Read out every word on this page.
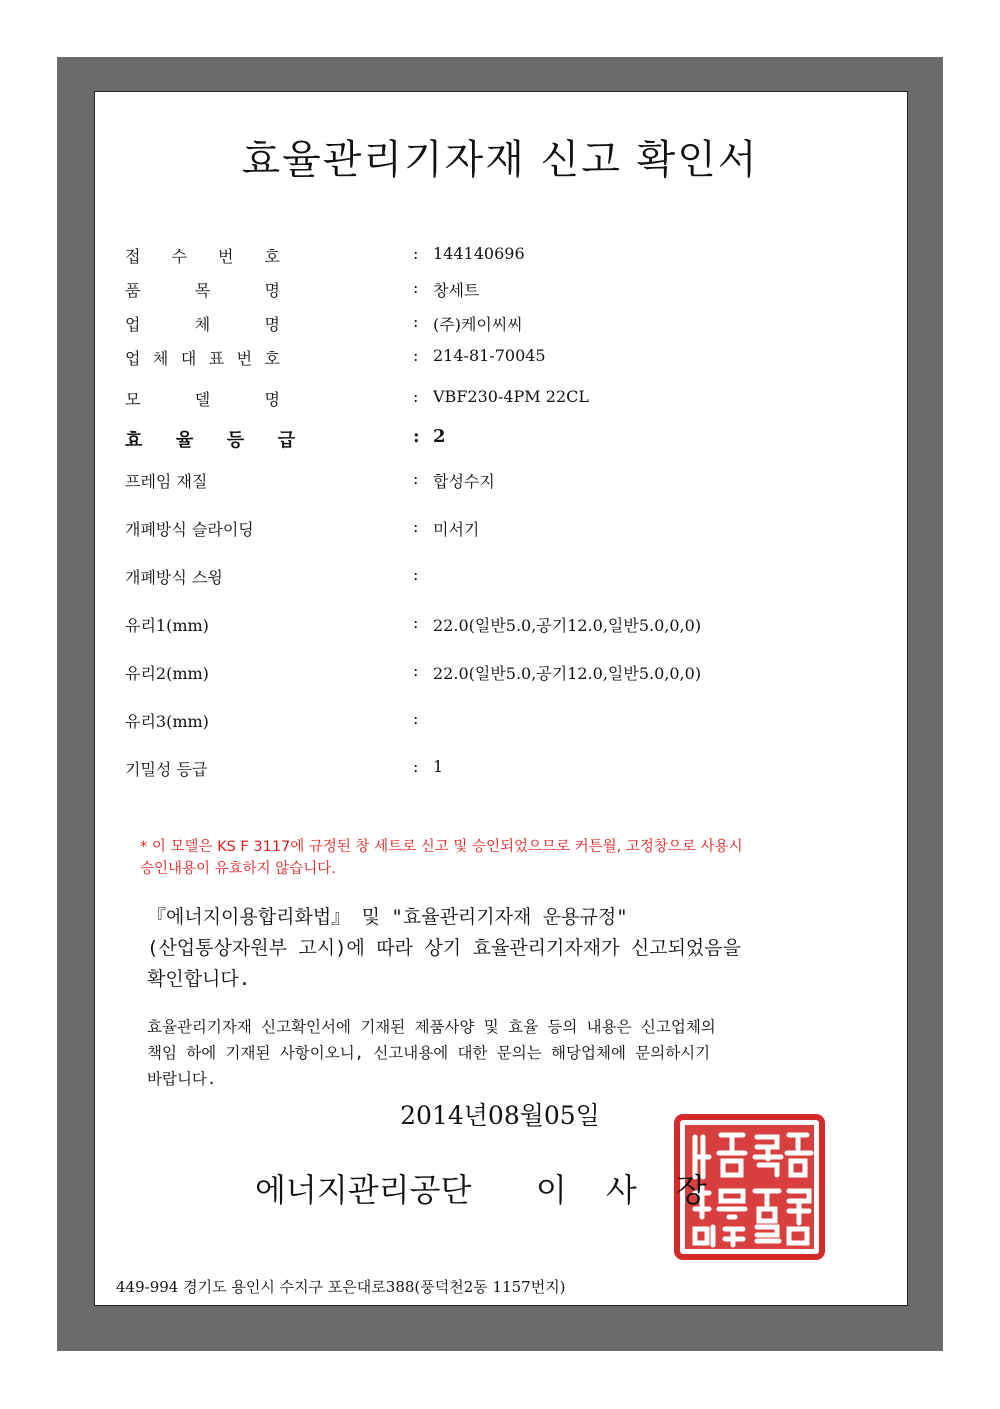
효율관리기자재 신고 확인서
접 수 번 호	: 144140696
품	목	명	: 창세트
업	체	명	: (주)케이씨씨
업 체 대 표 번 호	: 214-81-70045
모	델	명	: VBF230-4PM 22CL
효 율 등 급	: 2
프레임 재질	: 합성수지
개폐방식 슬라이딩	: 미서기
개폐방식 스윙	:
유리1(mm)	: 22.0(일반5.0,공기12.0,일반5.0,0,0)
유리2(mm)	: 22.0(일반5.0,공기12.0,일반5.0,0,0)
유리3(mm)	:
기밀성 등급	: 1
* 이 모델은 KS F 3117에 규정된 창 세트로 신고 및 승인되었으므로 커튼월, 고정창으로 사용시
승인내용이 유효하지 않습니다.
『에너지이용합리화법』 및 "효율관리기자재 운용규정"
(산업통상자원부 고시)에 따라 상기 효율관리기자재가 신고되었음을
확인합니다.
효율관리기자재 신고확인서에 기재된 제품사양 및 효율 등의 내용은 신고업체의
책임 하에 기재된 사항이오니, 신고내용에 대한 문의는 해당업체에 문의하시기
바랍니다.
2014년08월05일
에너지관리공단	이	사	장
449-994 경기도 용인시 수지구 포은대로388(풍덕천2동 1157번지)
